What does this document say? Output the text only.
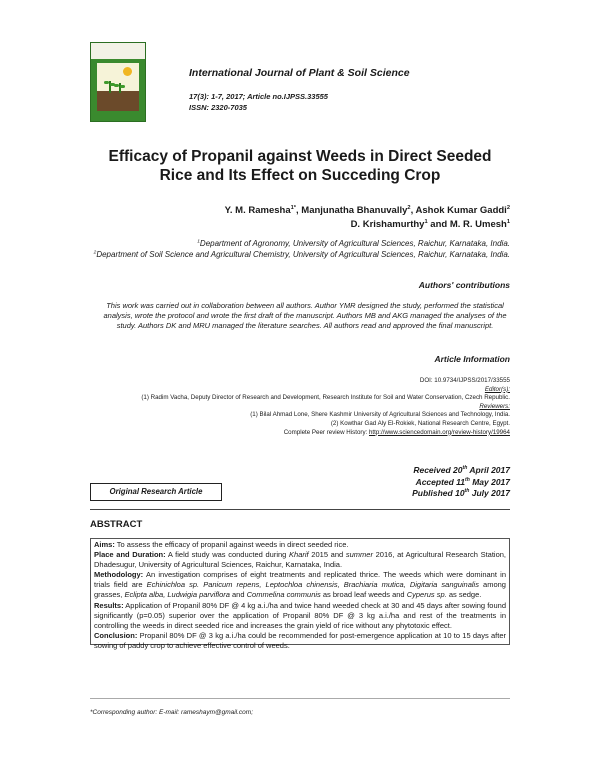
International Journal of Plant & Soil Science
17(3): 1-7, 2017; Article no.IJPSS.33555
ISSN: 2320-7035
Efficacy of Propanil against Weeds in Direct Seeded
Rice and Its Effect on Succeding Crop
Y. M. Ramesha$^{1*}$, Manjunatha Bhanuvally$^2$, Ashok Kumar Gaddi$^2$
D. Krishamurthy$^1$ and M. R. Umesh$^1$
$^1$Department of Agronomy, University of Agricultural Sciences, Raichur, Karnataka, India.
$^2$Department of Soil Science and Agricultural Chemistry, University of Agricultural Sciences, Raichur, Karnataka, India.
Authors' contributions
This work was carried out in collaboration between all authors. Author YMR designed the study, performed the statistical analysis, wrote the protocol and wrote the first draft of the manuscript. Authors MB and AKG managed the analyses of the study. Authors DK and MRU managed the literature searches. All authors read and approved the final manuscript.
Article Information
DOI: 10.9734/IJPSS/2017/33555
Editor(s):
(1) Radim Vacha, Deputy Director of Research and Development, Research Institute for Soil and Water Conservation, Czech Republic.
Reviewers:
(1) Bilal Ahmad Lone, Shere Kashmir University of Agricultural Sciences and Technology, India.
(2) Kowthar Gad Aly El-Rokiek, National Research Centre, Egypt.
Complete Peer review History: http://www.sciencedomain.org/review-history/19964
Received 20th April 2017
Accepted 11th May 2017
Published 10th July 2017
Original Research Article
ABSTRACT

Aims: To assess the efficacy of propanil against weeds in direct seeded rice.

Place and Duration: A field study was conducted during Kharif 2015 and summer 2016, at Agricultural Research Station, Dhadesugur, University of Agricultural Sciences, Raichur, Karnataka, India.

Methodology: An investigation comprises of eight treatments and replicated thrice. The weeds which were dominant in trials field are Echinichloa sp. Panicum repens, Leptochloa chinensis, Brachiaria mutica, Digitaria sanguinalis among grasses, Eclipta alba, Ludwigia parviflora and Commelina communis as broad leaf weeds and Cyperus sp. as sedge.

Results: Application of Propanil 80% DF @ 4 kg a.i./ha and twice hand weeded check at 30 and 45 days after sowing found significantly (p=0.05) superior over the application of Propanil 80% DF @ 3 kg a.i./ha and rest of the treatments in controlling the weeds in direct seeded rice and increases the grain yield of rice without any phytotoxic effect.

Conclusion: Propanil 80% DF @ 3 kg a.i./ha could be recommended for post-emergence application at 10 to 15 days after sowing of paddy crop to achieve effective control of weeds.

*Corresponding author: E-mail: rameshaym@gmail.com;
